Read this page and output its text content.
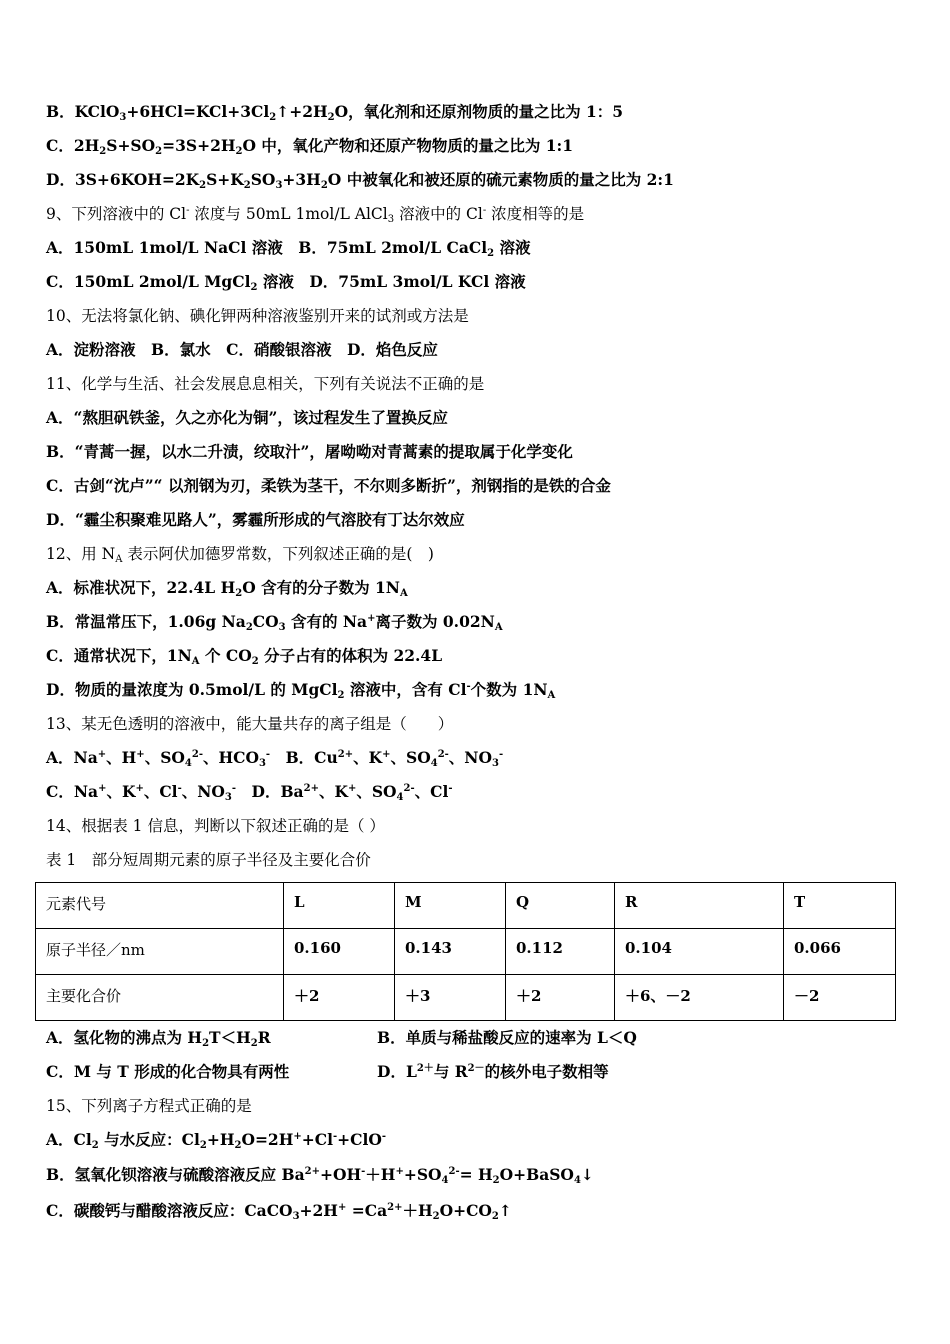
B．$KClO_3+6HCl=KCl+3Cl_2↑+2H_2O$，氧化剂和还原剂物质的量之比为 1：5
C．$2H_2S+SO_2=3S+2H_2O$ 中，氧化产物和还原产物物质的量之比为 1:1
D．$3S+6KOH=2K_2S+K_2SO_3+3H_2O$ 中被氧化和被还原的硫元素物质的量之比为 2:1
9、下列溶液中的 Cl- 浓度与 50mL 1mol/L AlCl$_3$ 溶液中的 Cl- 浓度相等的是
A．150mL 1mol/L NaCl 溶液　B．75mL 2mol/L CaCl$_2$ 溶液
C．150mL 2mol/L MgCl$_2$ 溶液　D．75mL 3mol/L KCl 溶液
10、无法将氯化钠、碘化钾两种溶液鉴别开来的试剂或方法是
A．淀粉溶液　B．氯水　C．硝酸银溶液　D．焰色反应
11、化学与生活、社会发展息息相关，下列有关说法不正确的是
A．“熬胆矾铁釜，久之亦化为铜”，该过程发生了置换反应
B．“青蒿一握，以水二升渍，绞取汁”，屠呦呦对青蒿素的提取属于化学变化
C．古剑“沈卢”“ 以剂钢为刃，柔铁为茎干，不尔则多断折”，剂钢指的是铁的合金
D．“霾尘积聚难见路人”，雾霾所形成的气溶胶有丁达尔效应
12、用 $N_A$ 表示阿伏加德罗常数，下列叙述正确的是(　)
A．标准状况下，22.4L $H_2O$ 含有的分子数为 $1N_A$
B．常温常压下，1.06g $Na_2CO_3$ 含有的 Na+离子数为 $0.02N_A$
C．通常状况下，$1N_A$ 个 $CO_2$ 分子占有的体积为 22.4L
D．物质的量浓度为 0.5mol/L 的 MgCl$_2$ 溶液中，含有 Cl-个数为 $1N_A$
13、某无色透明的溶液中，能大量共存的离子组是（　　）
A．Na+、H+、$SO_4^{2-}$、$HCO_3^-$　B．$Cu^{2+}$、K+、$SO_4^{2-}$、$NO_3^-$
C．Na+、K+、Cl-、$NO_3^-$　D．$Ba^{2+}$、K+、$SO_4^{2-}$、Cl-
14、根据表 1 信息，判断以下叙述正确的是（ ）
表 1　部分短周期元素的原子半径及主要化合价
元素代号	L	M	Q	R	T
原子半径／nm	0.160	0.143	0.112	0.104	0.066
主要化合价	＋2	＋3	＋2	＋6、－2	－2
A．氢化物的沸点为 $H_2T<H_2R$	B．单质与稀盐酸反应的速率为 L＜Q
C．M 与 T 形成的化合物具有两性	D．$L^{2+}$与 $R^{2-}$的核外电子数相等
15、下列离子方程式正确的是
A．$Cl_2$ 与水反应：$Cl_2+H_2O=2H^++Cl^-+ClO^-$
B．氢氧化钡溶液与硫酸溶液反应 $Ba^{2+}+OH^-+H^++SO_4^{2-}=$ $H_2O+BaSO_4↓$
C．碳酸钙与醋酸溶液反应：CaCO$_3$+2H+ $=Ca^{2+}+H_2O+CO_2↑$
